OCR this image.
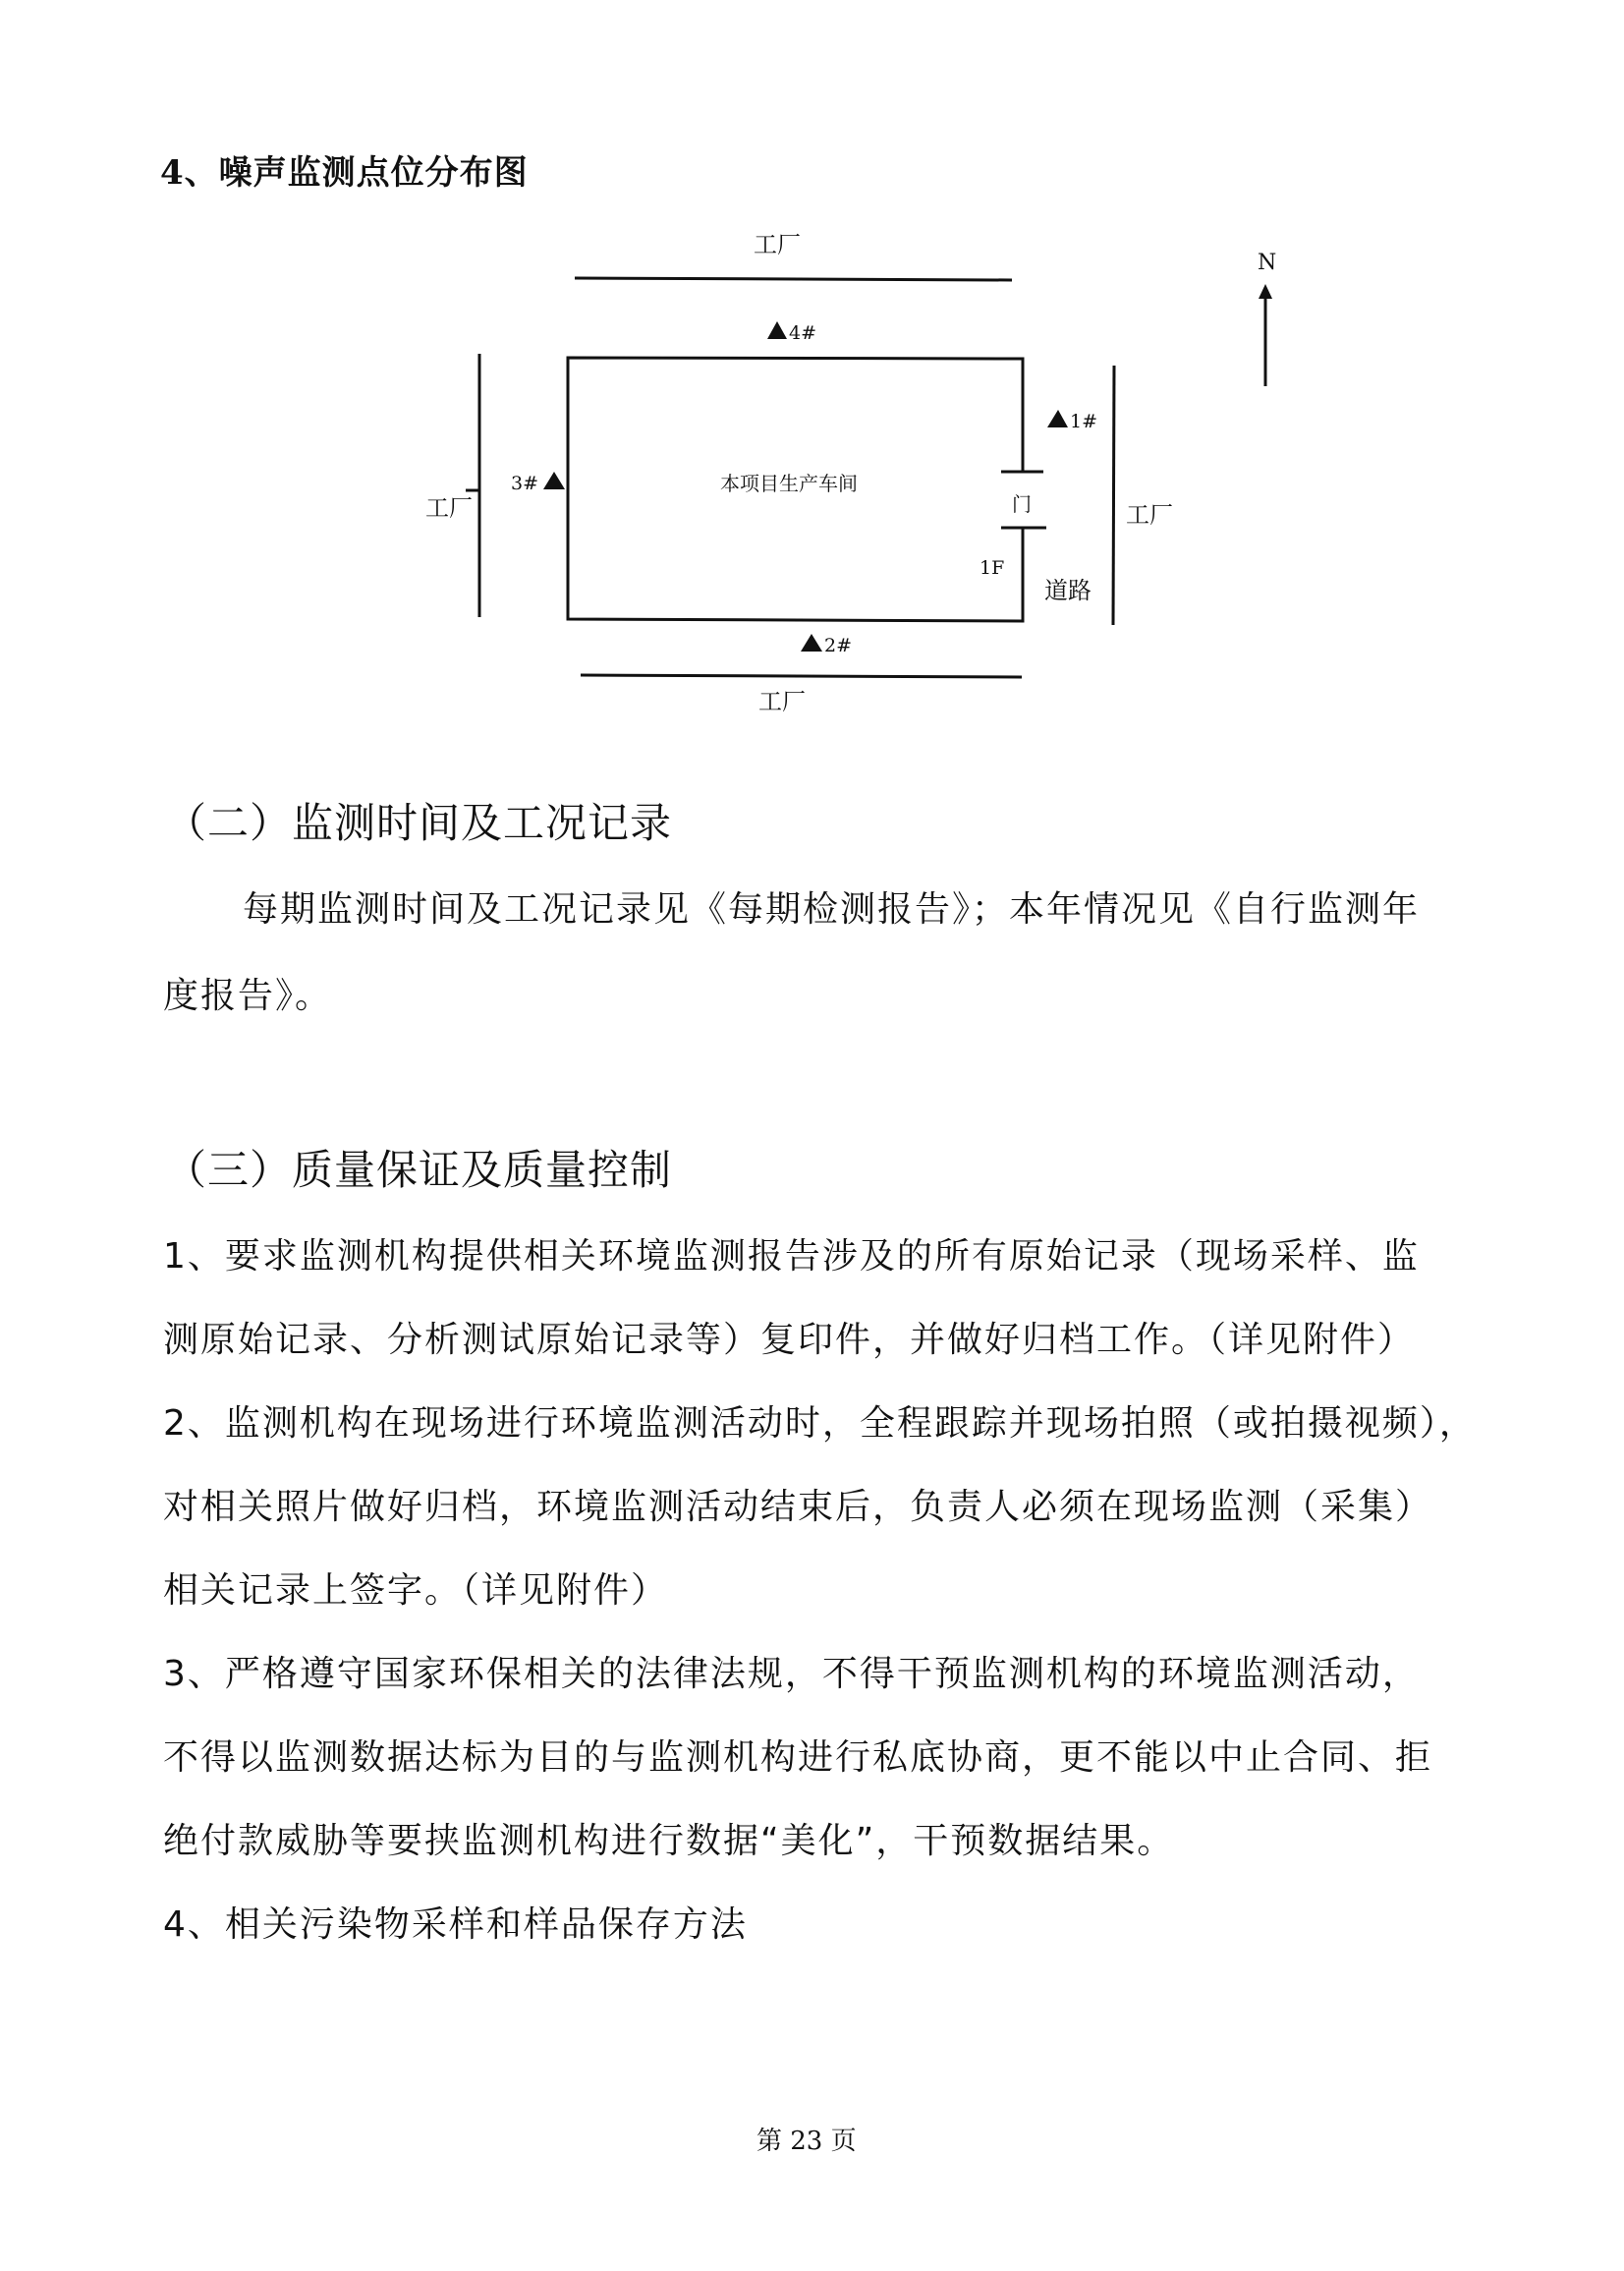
4、噪声监测点位分布图
N
工厂
工厂
工厂	工厂
本项目生产车间
门
1F
道路
4#
1#
3#
2#
（二）监测时间及工况记录
每期监测时间及工况记录见《每期检测报告》；本年情况见《自行监测年
度报告》。
（三）质量保证及质量控制
1、要求监测机构提供相关环境监测报告涉及的所有原始记录（现场采样、监
测原始记录、分析测试原始记录等）复印件，并做好归档工作。（详见附件）
2、监测机构在现场进行环境监测活动时，全程跟踪并现场拍照（或拍摄视频），
对相关照片做好归档，环境监测活动结束后，负责人必须在现场监测（采集）
相关记录上签字。（详见附件）
3、严格遵守国家环保相关的法律法规，不得干预监测机构的环境监测活动，
不得以监测数据达标为目的与监测机构进行私底协商，更不能以中止合同、拒
绝付款威胁等要挟监测机构进行数据“美化”，干预数据结果。
4、相关污染物采样和样品保存方法
第 23 页
